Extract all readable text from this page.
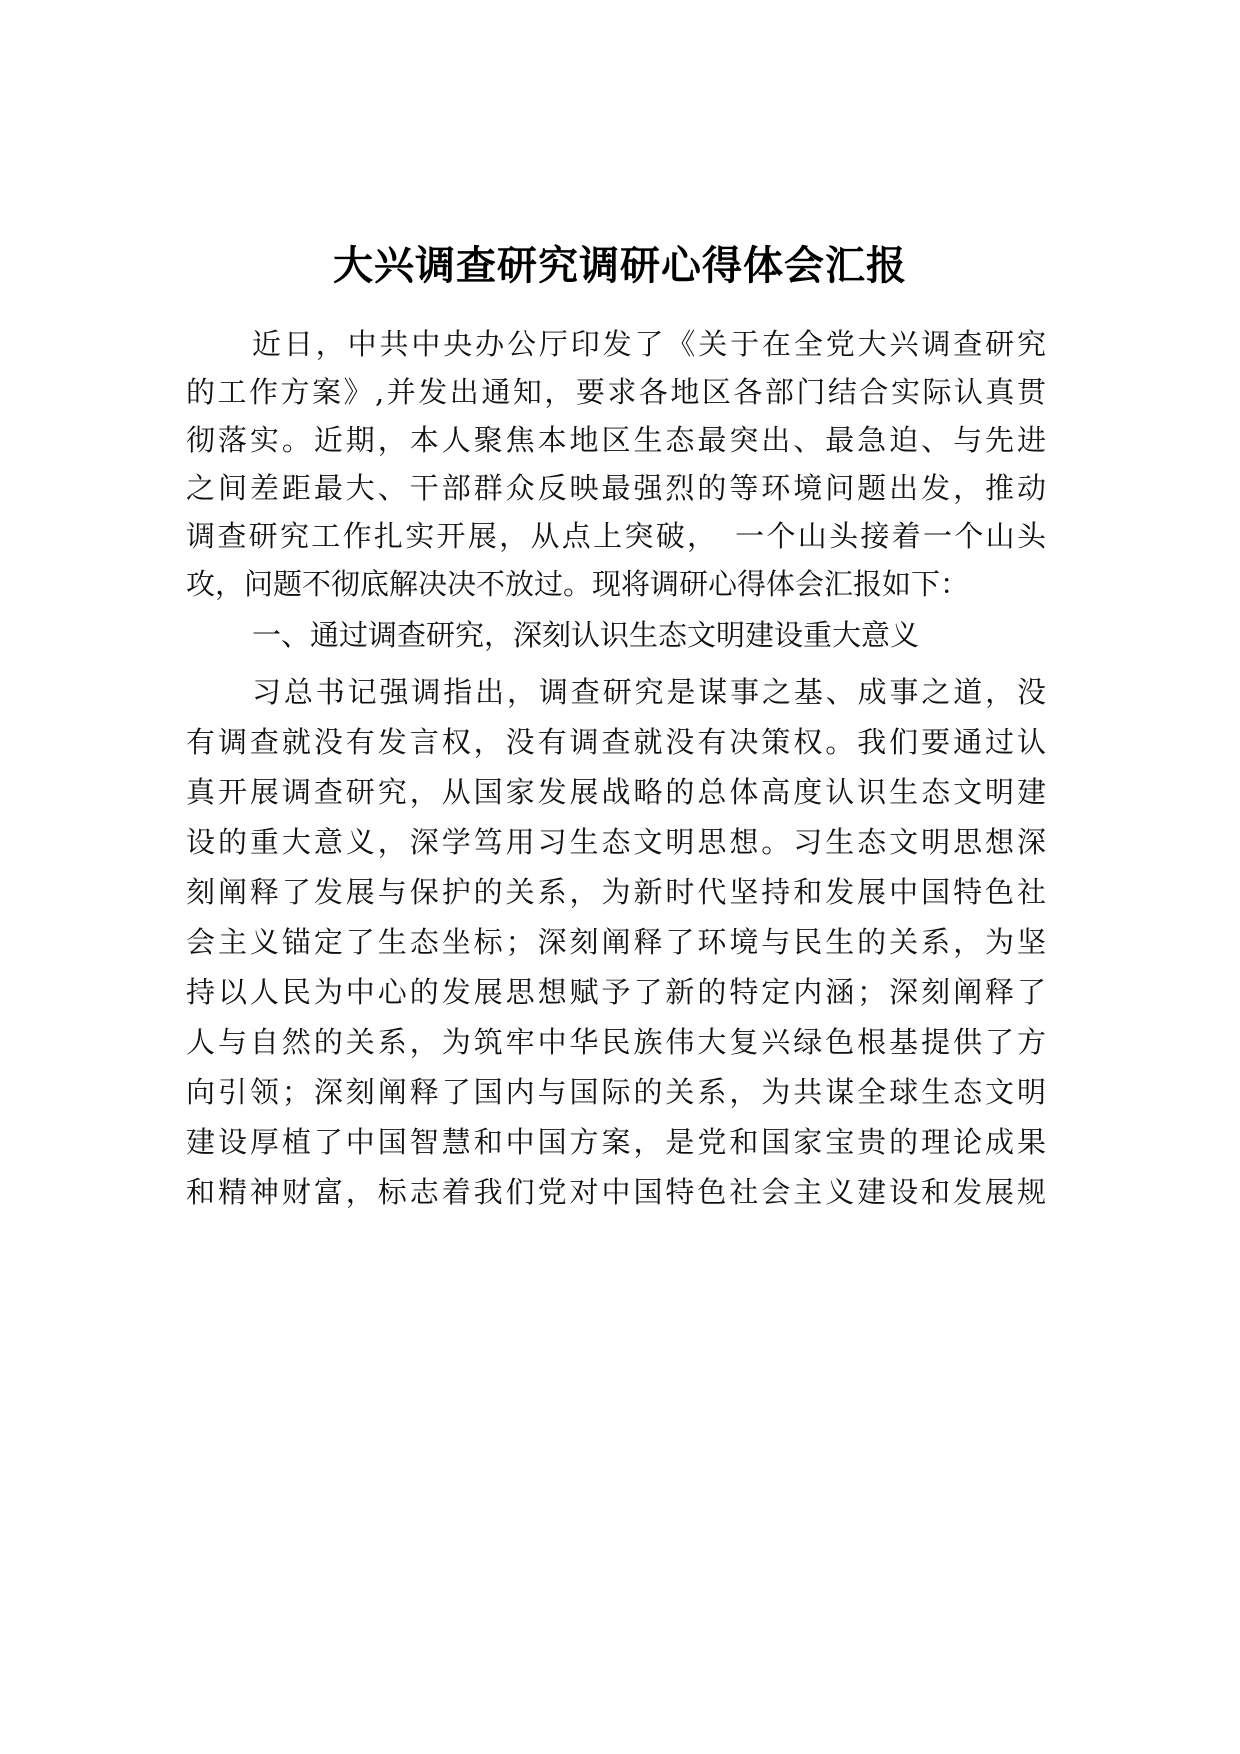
大兴调查研究调研心得体会汇报
近日，中共中央办公厅印发了《关于在全党大兴调查研究
的工作方案》,并发出通知，要求各地区各部门结合实际认真贯
彻落实。近期，本人聚焦本地区生态最突出、最急迫、与先进
之间差距最大、干部群众反映最强烈的等环境问题出发，推动
调查研究工作扎实开展，从点上突破，　一个山头接着一个山头
攻，问题不彻底解决决不放过。现将调研心得体会汇报如下：
一、通过调查研究，深刻认识生态文明建设重大意义
习总书记强调指出，调查研究是谋事之基、成事之道，没
有调查就没有发言权，没有调查就没有决策权。我们要通过认
真开展调查研究，从国家发展战略的总体高度认识生态文明建
设的重大意义，深学笃用习生态文明思想。习生态文明思想深
刻阐释了发展与保护的关系，为新时代坚持和发展中国特色社
会主义锚定了生态坐标；深刻阐释了环境与民生的关系，为坚
持以人民为中心的发展思想赋予了新的特定内涵；深刻阐释了
人与自然的关系，为筑牢中华民族伟大复兴绿色根基提供了方
向引领；深刻阐释了国内与国际的关系，为共谋全球生态文明
建设厚植了中国智慧和中国方案，是党和国家宝贵的理论成果
和精神财富，标志着我们党对中国特色社会主义建设和发展规
